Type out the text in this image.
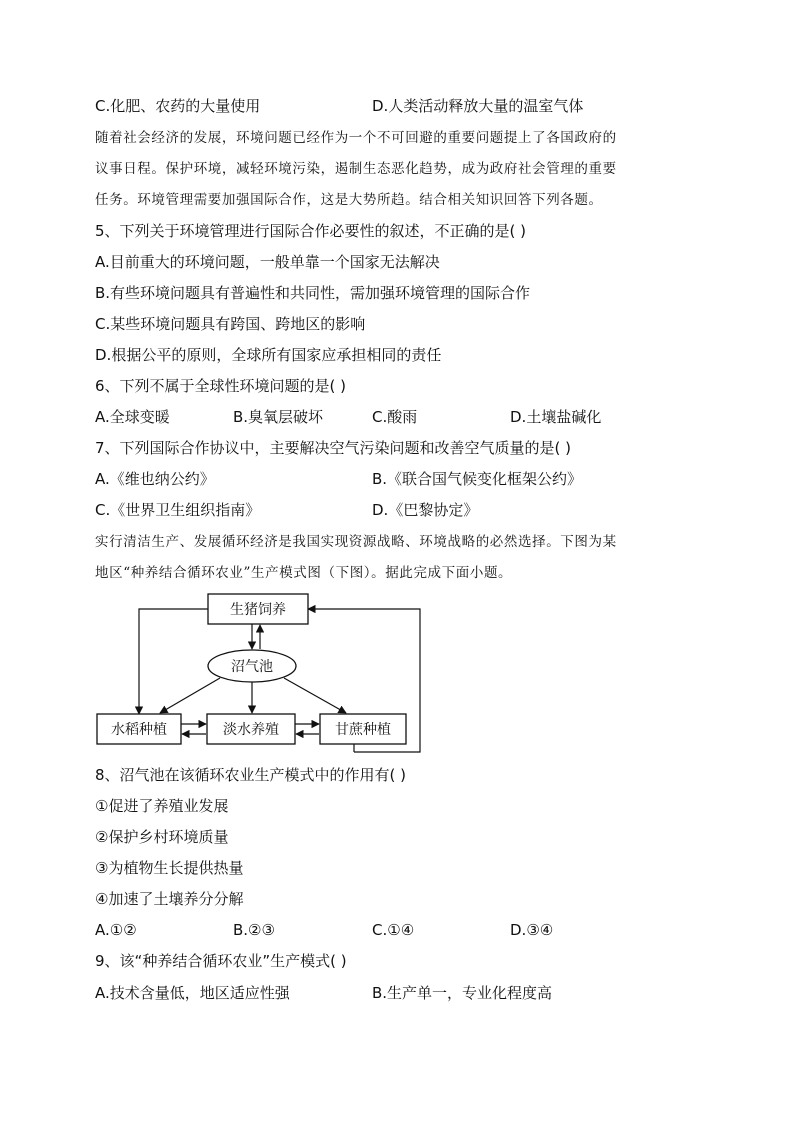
C.化肥、农药的大量使用	D.人类活动释放大量的温室气体
随着社会经济的发展，环境问题已经作为一个不可回避的重要问题提上了各国政府的
议事日程。保护环境，减轻环境污染，遏制生态恶化趋势，成为政府社会管理的重要
任务。环境管理需要加强国际合作，这是大势所趋。结合相关知识回答下列各题。
5、下列关于环境管理进行国际合作必要性的叙述，不正确的是( )
A.目前重大的环境问题，一般单靠一个国家无法解决
B.有些环境问题具有普遍性和共同性，需加强环境管理的国际合作
C.某些环境问题具有跨国、跨地区的影响
D.根据公平的原则，全球所有国家应承担相同的责任
6、下列不属于全球性环境问题的是( )
A.全球变暖	B.臭氧层破坏	C.酸雨	D.土壤盐碱化
7、下列国际合作协议中，主要解决空气污染问题和改善空气质量的是( )
A.《维也纳公约》	B.《联合国气候变化框架公约》
C.《世界卫生组织指南》	D.《巴黎协定》
实行清洁生产、发展循环经济是我国实现资源战略、环境战略的必然选择。下图为某
地区“种养结合循环农业”生产模式图（下图）。据此完成下面小题。
生猪饲养
沼气池
水稻种植	淡水养殖	甘蔗种植
8、沼气池在该循环农业生产模式中的作用有( )
①促进了养殖业发展
②保护乡村环境质量
③为植物生长提供热量
④加速了土壤养分分解
A.①②	B.②③	C.①④	D.③④
9、该“种养结合循环农业”生产模式( )
A.技术含量低，地区适应性强	B.生产单一，专业化程度高
